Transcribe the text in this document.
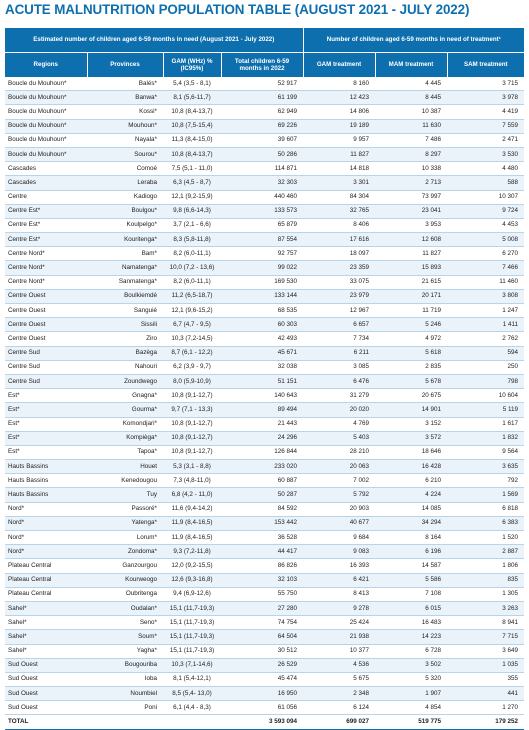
ACUTE MALNUTRITION POPULATION TABLE (AUGUST 2021 - JULY 2022)
Estimated number of children aged 6-59 months in need (August 2021 - July 2022)				Number of children aged 6-59 months in need of treatment¹		
Regions	Provinces	GAM (WHz) % (IC95%)	Total children 6-59 months in 2022	GAM treatment	MAM treatment	SAM treatment
Boucle du Mouhoun*	Balés*	5,4 (3,5 - 8,1)	52 917	8 160	4 445	3 715
Boucle du Mouhoun*	Banwa*	8,1 (5,6-11,7)	61 199	12 423	8 445	3 978
Boucle du Mouhoun*	Kossi*	10,8 (8,4-13,7)	62 949	14 806	10 387	4 419
Boucle du Mouhoun*	Mouhoun*	10,8 (7,5-15,4)	69 226	19 189	11 630	7 559
Boucle du Mouhoun*	Nayala*	11,3 (8,4-15,0)	39 607	9 957	7 486	2 471
Boucle du Mouhoun*	Sourou*	10,8 (8,4-13,7)	50 286	11 827	8 297	3 530
Cascades	Comoé	7,5 (5,1 - 11,0)	114 871	14 818	10 338	4 480
Cascades	Leraba	6,3 (4,5 - 8,7)	32 303	3 301	2 713	588
Centre	Kadiogo	12,1 (9,2-15,9)	440 460	84 304	73 997	10 307
Centre Est*	Boulgou*	9,8 (6,6-14,3)	133 573	32 765	23 041	9 724
Centre Est*	Koulpelgo*	3,7 (2,1 - 6,6)	65 879	8 406	3 953	4 453
Centre Est*	Kouritenga*	8,3 (5,8-11,8)	87 554	17 616	12 608	5 008
Centre Nord*	Bam*	8,2 (6,0-11,1)	92 757	18 097	11 827	6 270
Centre Nord*	Namatenga*	10,0 (7,2 - 13,6)	99 022	23 359	15 893	7 466
Centre Nord*	Sanmatenga*	8,2 (6,0-11,1)	169 530	33 075	21 615	11 460
Centre Ouest	Boulkiemdé	11,2 (6,5-18,7)	133 144	23 979	20 171	3 808
Centre Ouest	Sanguié	12,1 (9,6-15,2)	68 535	12 967	11 719	1 247
Centre Ouest	Sissili	6,7 (4,7 - 9,5)	60 303	6 657	5 246	1 411
Centre Ouest	Ziro	10,3 (7,2-14,5)	42 493	7 734	4 972	2 762
Centre Sud	Bazèga	8,7 (6,1 - 12,2)	45 671	6 211	5 618	594
Centre Sud	Nahouri	6,2 (3,9 - 9,7)	32 038	3 085	2 835	250
Centre Sud	Zoundwego	8,0 (5,9-10,9)	51 151	6 476	5 678	798
Est*	Gnagna*	10,8 (9,1-12,7)	140 643	31 279	20 675	10 604
Est*	Gourma*	9,7 (7,1 - 13,3)	89 494	20 020	14 901	5 119
Est*	Komondjari*	10,8 (9,1-12,7)	21 443	4 769	3 152	1 617
Est*	Kompièga*	10,8 (9,1-12,7)	24 296	5 403	3 572	1 832
Est*	Tapoa*	10,8 (9,1-12,7)	126 844	28 210	18 646	9 564
Hauts Bassins	Houet	5,3 (3,1 - 8,8)	233 020	20 063	16 428	3 635
Hauts Bassins	Kenedougou	7,3 (4,8-11,0)	60 887	7 002	6 210	792
Hauts Bassins	Tuy	6,8 (4,2 - 11,0)	50 287	5 792	4 224	1 569
Nord*	Passoré*	11,6 (9,4-14,2)	84 592	20 903	14 085	6 818
Nord*	Yatenga*	11,9 (8,4-16,5)	153 442	40 677	34 294	6 383
Nord*	Lorum*	11,9 (8,4-16,5)	36 528	9 684	8 164	1 520
Nord*	Zondoma*	9,3 (7,2-11,8)	44 417	9 083	6 196	2 887
Plateau Central	Ganzourgou	12,0 (9,2-15,5)	86 826	16 393	14 587	1 806
Plateau Central	Kourweogo	12,6 (9,3-16,8)	32 103	6 421	5 586	835
Plateau Central	Oubritenga	9,4 (6,9-12,6)	55 750	8 413	7 108	1 305
Sahel*	Oudalan*	15,1 (11,7-19,3)	27 280	9 278	6 015	3 263
Sahel*	Seno*	15,1 (11,7-19,3)	74 754	25 424	16 483	8 941
Sahel*	Soum*	15,1 (11,7-19,3)	64 504	21 938	14 223	7 715
Sahel*	Yagha*	15,1 (11,7-19,3)	30 512	10 377	6 728	3 649
Sud Ouest	Bougouriba	10,3 (7,1-14,6)	26 529	4 536	3 502	1 035
Sud Ouest	Ioba	8,1 (5,4-12,1)	45 474	5 675	5 320	355
Sud Ouest	Noumbiel	8,5 (5,4- 13,0)	16 950	2 348	1 907	441
Sud Ouest	Poni	6,1 (4,4 - 8,3)	61 056	6 124	4 854	1 270
TOTAL			3 593 094	699 027	519 775	179 252
